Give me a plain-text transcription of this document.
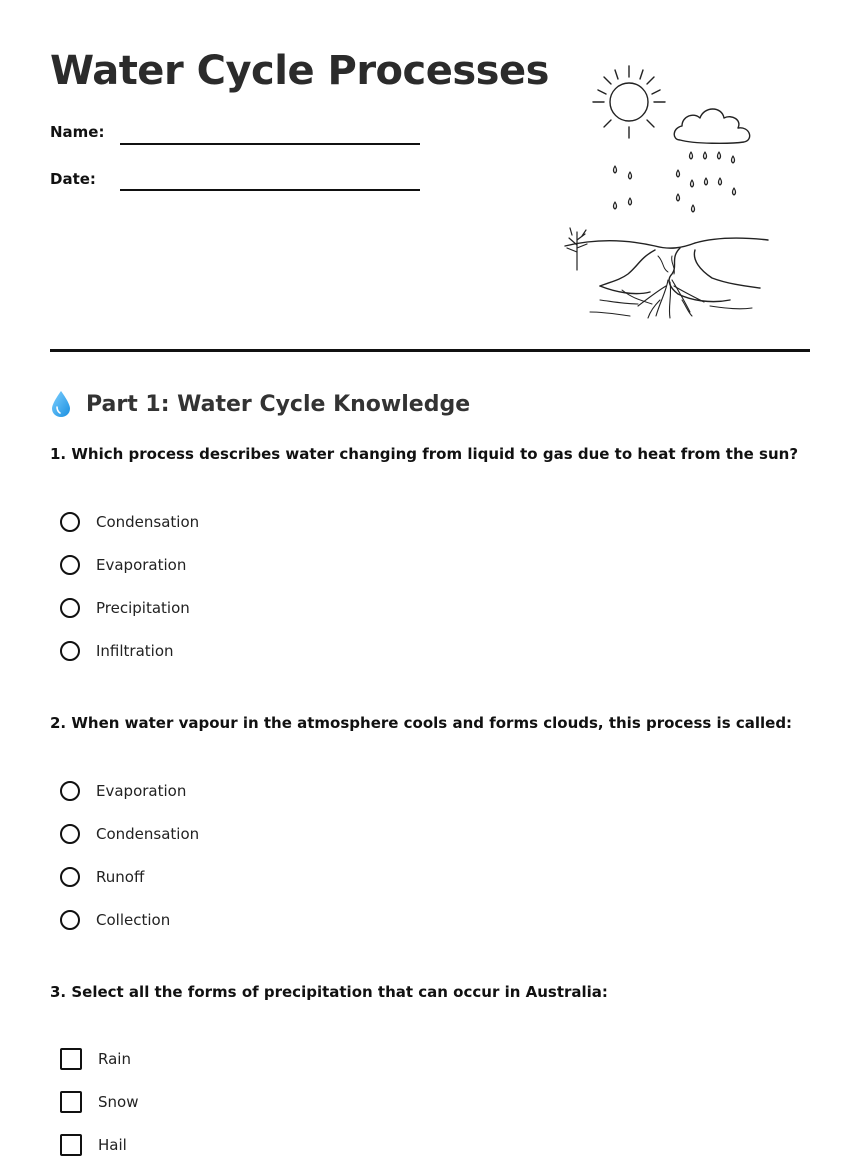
Water Cycle Processes
Name:
Date:
Part 1: Water Cycle Knowledge
1. Which process describes water changing from liquid to gas due to heat from the sun?
Condensation
Evaporation
Precipitation
Infiltration
2. When water vapour in the atmosphere cools and forms clouds, this process is called:
Evaporation
Condensation
Runoff
Collection
3. Select all the forms of precipitation that can occur in Australia:
Rain
Snow
Hail
